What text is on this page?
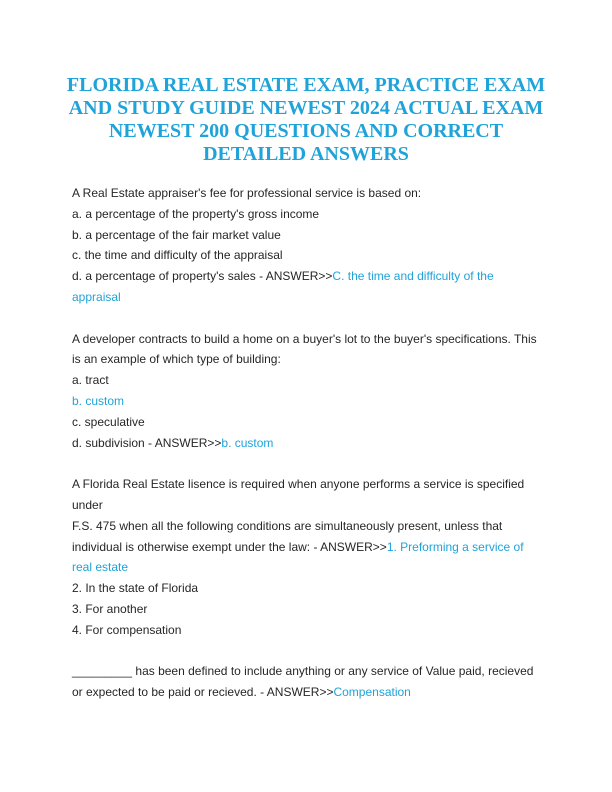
FLORIDA REAL ESTATE EXAM, PRACTICE EXAM AND STUDY GUIDE NEWEST 2024 ACTUAL EXAM NEWEST 200 QUESTIONS AND CORRECT DETAILED ANSWERS
A Real Estate appraiser's fee for professional service is based on:
a. a percentage of the property's gross income
b. a percentage of the fair market value
c. the time and difficulty of the appraisal
d. a percentage of property's sales - ANSWER>>C. the time and difficulty of the
appraisal
A developer contracts to build a home on a buyer's lot to the buyer's specifications. This
is an example of which type of building:
a. tract
b. custom
c. speculative
d. subdivision - ANSWER>>b. custom
A Florida Real Estate lisence is required when anyone performs a service is specified
under
F.S. 475 when all the following conditions are simultaneously present, unless that
individual is otherwise exempt under the law: - ANSWER>>1. Preforming a service of
real estate
2. In the state of Florida
3. For another
4. For compensation
_________ has been defined to include anything or any service of Value paid, recieved
or expected to be paid or recieved. - ANSWER>>Compensation
